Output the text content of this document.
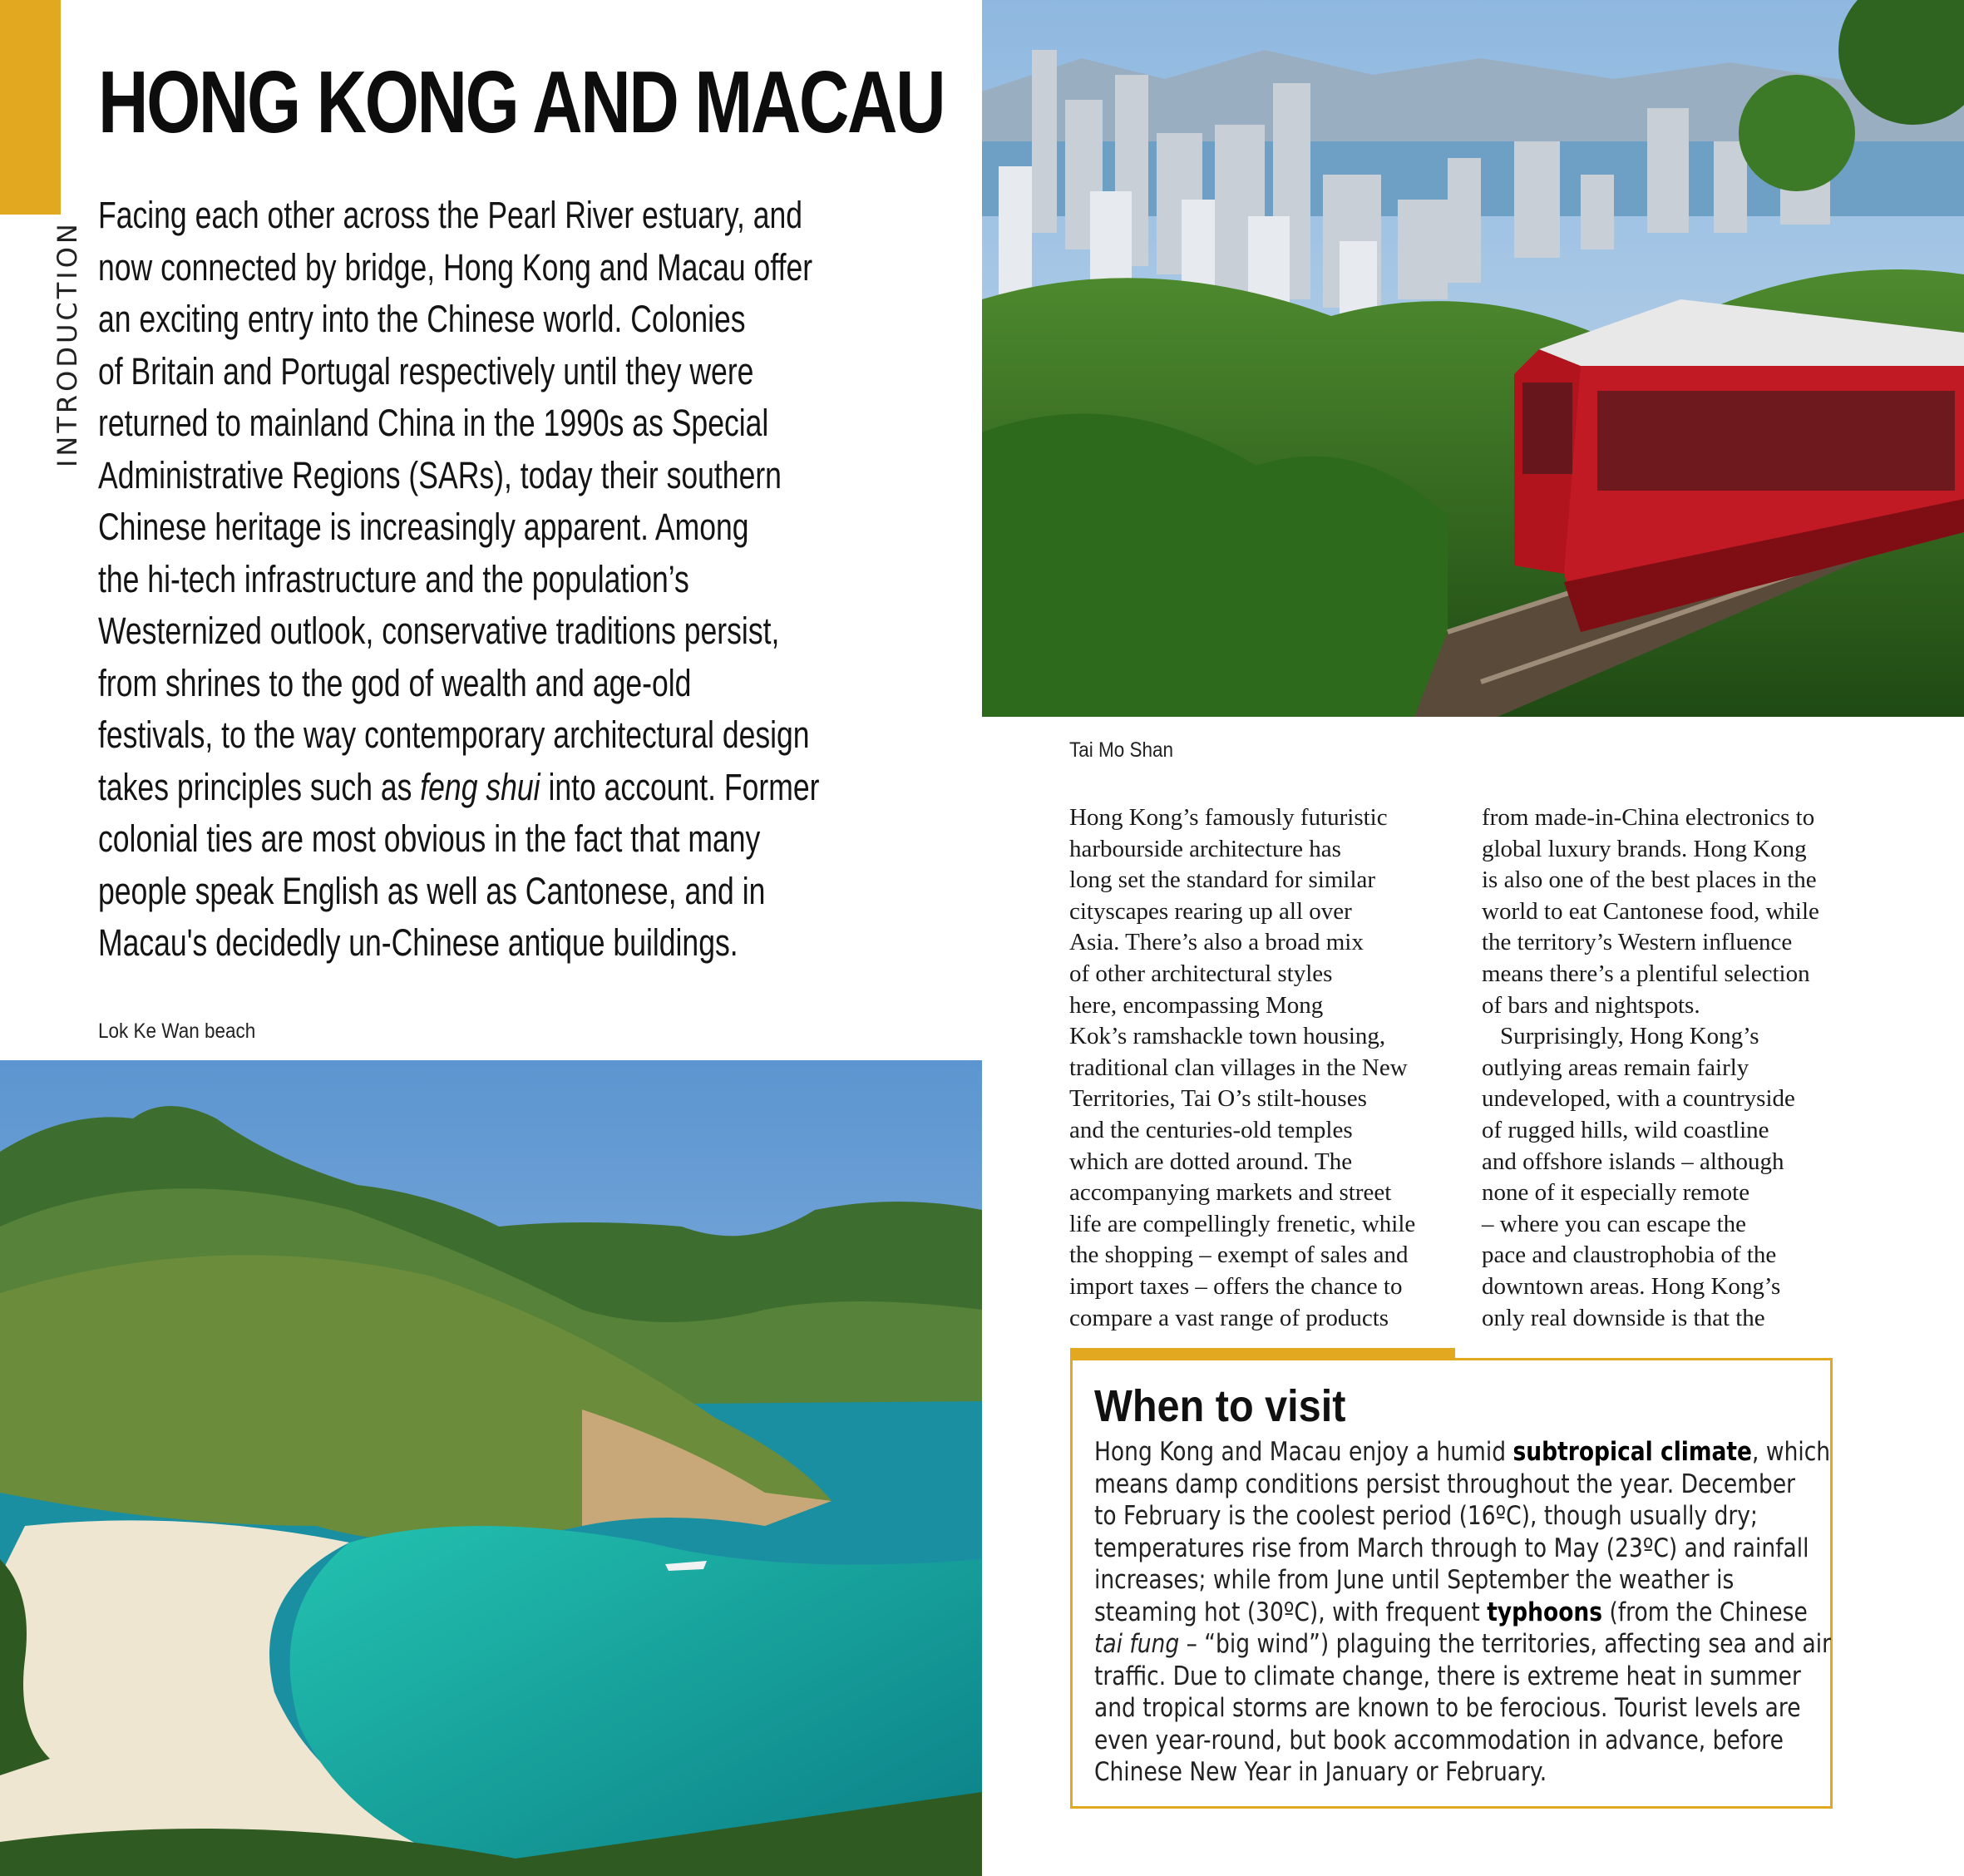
INTRODUCTION
HONG KONG AND MACAU
Facing each other across the Pearl River estuary, and
now connected by bridge, Hong Kong and Macau offer
an exciting entry into the Chinese world. Colonies
of Britain and Portugal respectively until they were
returned to mainland China in the 1990s as Special
Administrative Regions (SARs), today their southern
Chinese heritage is increasingly apparent. Among
the hi-tech infrastructure and the population’s
Westernized outlook, conservative traditions persist,
from shrines to the god of wealth and age-old
festivals, to the way contemporary architectural design
takes principles such as feng shui into account. Former
colonial ties are most obvious in the fact that many
people speak English as well as Cantonese, and in
Macau's decidedly un-Chinese antique buildings.
Lok Ke Wan beach
Tai Mo Shan
Hong Kong’s famously futuristic
harbourside architecture has
long set the standard for similar
cityscapes rearing up all over
Asia. There’s also a broad mix
of other architectural styles
here, encompassing Mong
Kok’s ramshackle town housing,
traditional clan villages in the New
Territories, Tai O’s stilt-houses
and the centuries-old temples
which are dotted around. The
accompanying markets and street
life are compellingly frenetic, while
the shopping – exempt of sales and
import taxes – offers the chance to
compare a vast range of products
from made-in-China electronics to
global luxury brands. Hong Kong
is also one of the best places in the
world to eat Cantonese food, while
the territory’s Western influence
means there’s a plentiful selection
of bars and nightspots.
Surprisingly, Hong Kong’s
outlying areas remain fairly
undeveloped, with a countryside
of rugged hills, wild coastline
and offshore islands – although
none of it especially remote
– where you can escape the
pace and claustrophobia of the
downtown areas. Hong Kong’s
only real downside is that the
When to visit
Hong Kong and Macau enjoy a humid subtropical climate, which
means damp conditions persist throughout the year. December
to February is the coolest period (16ºC), though usually dry;
temperatures rise from March through to May (23ºC) and rainfall
increases; while from June until September the weather is
steaming hot (30ºC), with frequent typhoons (from the Chinese
tai fung – “big wind”) plaguing the territories, affecting sea and air
traffic. Due to climate change, there is extreme heat in summer
and tropical storms are known to be ferocious. Tourist levels are
even year-round, but book accommodation in advance, before
Chinese New Year in January or February.
